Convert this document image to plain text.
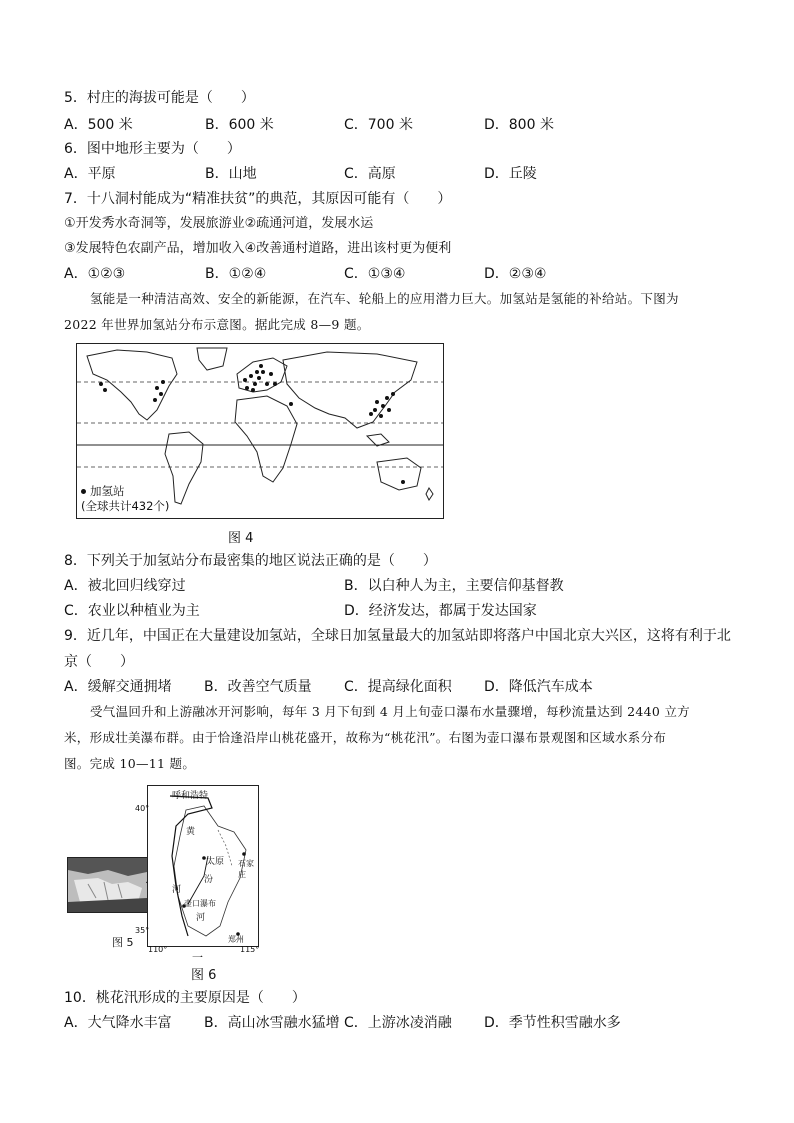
5．村庄的海拔可能是（　　）
A．500 米	B．600 米	C．700 米	D．800 米
6．图中地形主要为（　　）
A．平原	B．山地	C．高原	D．丘陵
7．十八洞村能成为“精准扶贫”的典范，其原因可能有（　　）
①开发秀水奇洞等，发展旅游业②疏通河道，发展水运
③发展特色农副产品，增加收入④改善通村道路，进出该村更为便利
A．①②③	B．①②④	C．①③④	D．②③④
氢能是一种清洁高效、安全的新能源，在汽车、轮船上的应用潜力巨大。加氢站是氢能的补给站。下图为
2022 年世界加氢站分布示意图。据此完成 8—9 题。
加氢站
(全球共计432个)
图 4
8．下列关于加氢站分布最密集的地区说法正确的是（　　）
A．被北回归线穿过	B．以白种人为主，主要信仰基督教
C．农业以种植业为主	D．经济发达，都属于发达国家
9．近几年，中国正在大量建设加氢站，全球日加氢量最大的加氢站即将落户中国北京大兴区，这将有利于北
京（　　）
A．缓解交通拥堵 B．改善空气质量 C．提高绿化面积 D．降低汽车成本
受气温回升和上游融冰开河影响，每年 3 月下旬到 4 月上旬壶口瀑布水量骤增，每秒流量达到 2440 立方
米，形成壮美瀑布群。由于恰逢沿岸山桃花盛开，故称为“桃花汛”。右图为壶口瀑布景观图和区域水系分布
图。完成 10—11 题。
呼和浩特
黄
太原 石家庄
汾
河
壶口瀑布
河
郑州
40°
35°
110°	115°
图 5
一
图 6
10．桃花汛形成的主要原因是（　　）
A．大气降水丰富 B．高山冰雪融水猛增 C．上游冰凌消融 D．季节性积雪融水多
